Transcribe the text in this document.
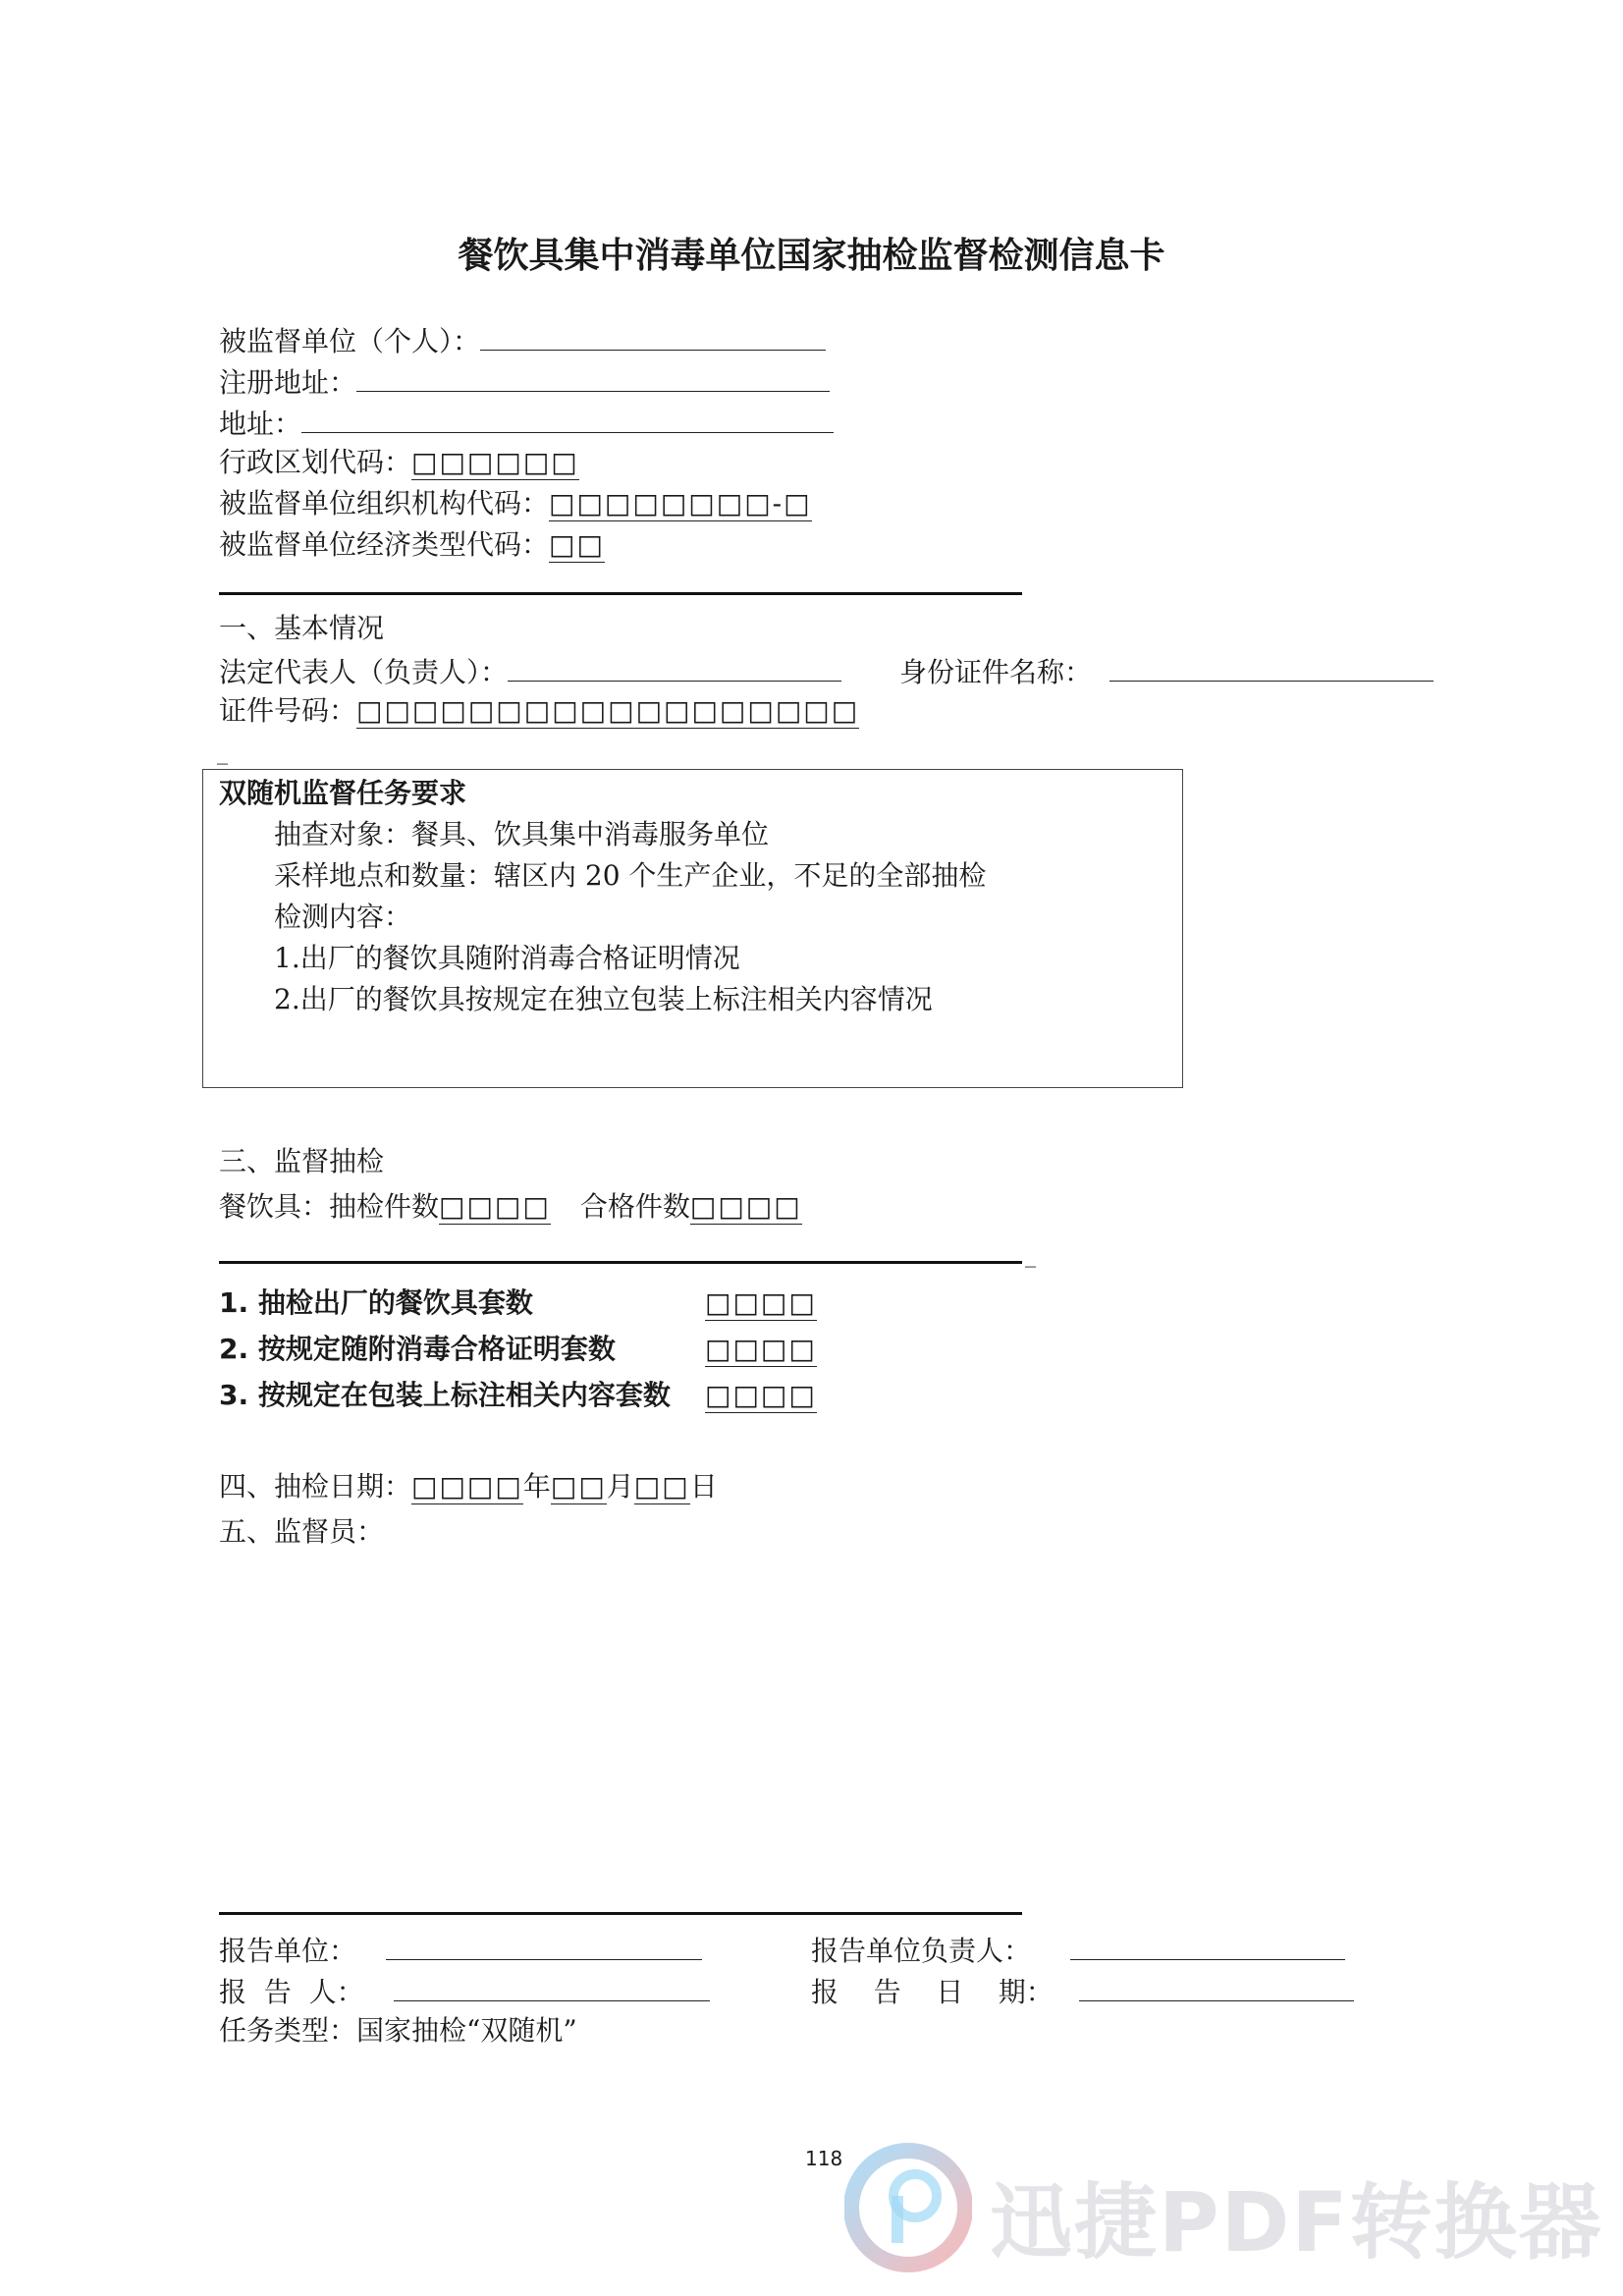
餐饮具集中消毒单位国家抽检监督检测信息卡
被监督单位（个人）：
注册地址：
地址：
行政区划代码：□□□□□□
被监督单位组织机构代码：□□□□□□□□-□
被监督单位经济类型代码：□□
一、基本情况
法定代表人（负责人）：	身份证件名称：
证件号码：□□□□□□□□□□□□□□□□□□
_
双随机监督任务要求
抽查对象：餐具、饮具集中消毒服务单位
采样地点和数量：辖区内 20 个生产企业，不足的全部抽检
检测内容：
1.出厂的餐饮具随附消毒合格证明情况
2.出厂的餐饮具按规定在独立包装上标注相关内容情况
三、监督抽检
餐饮具：抽检件数□□□□ 合格件数□□□□
_
1. 抽检出厂的餐饮具套数	□□□□
2. 按规定随附消毒合格证明套数	□□□□
3. 按规定在包装上标注相关内容套数 □□□□
四、抽检日期：□□□□年□□月□□日
五、监督员：
报告单位：	报告单位负责人：
报  告  人：	报    告    日    期：
任务类型：国家抽检“双随机”
118
迅捷PDF转换器
